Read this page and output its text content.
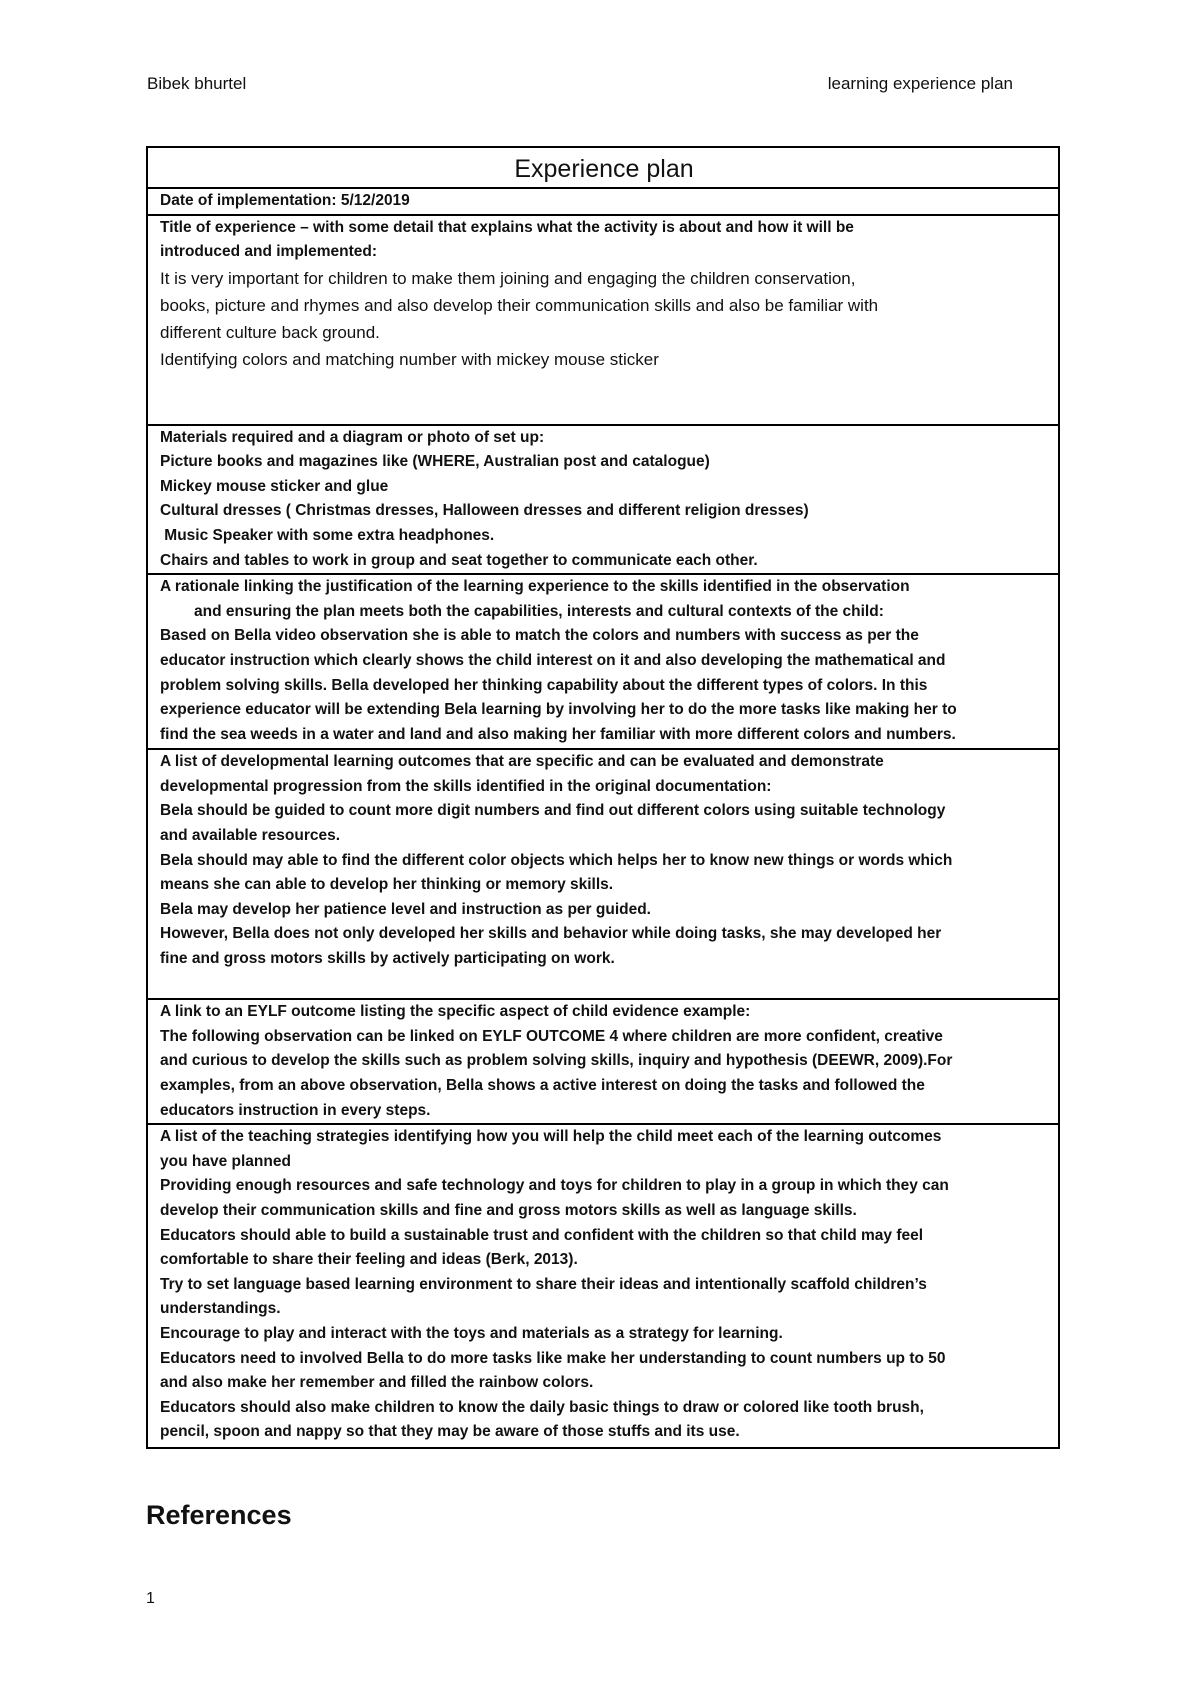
Bibek bhurtel	learning experience plan
Experience plan
Date of implementation: 5/12/2019

Title of experience – with some detail that explains what the activity is about and how it will be
introduced and implemented:
It is very important for children to make them joining and engaging the children conservation,
books, picture and rhymes and also develop their communication skills and also be familiar with
different culture back ground.
Identifying colors and matching number with mickey mouse sticker

Materials required and a diagram or photo of set up:
Picture books and magazines like (WHERE, Australian post and catalogue)
Mickey mouse sticker and glue
Cultural dresses ( Christmas dresses, Halloween dresses and different religion dresses)
Music Speaker with some extra headphones.
Chairs and tables to work in group and seat together to communicate each other.

A rationale linking the justification of the learning experience to the skills identified in the observation
and ensuring the plan meets both the capabilities, interests and cultural contexts of the child:
Based on Bella video observation she is able to match the colors and numbers with success as per the
educator instruction which clearly shows the child interest on it and also developing the mathematical and
problem solving skills. Bella developed her thinking capability about the different types of colors. In this
experience educator will be extending Bela learning by involving her to do the more tasks like making her to
find the sea weeds in a water and land and also making her familiar with more different colors and numbers.

A list of developmental learning outcomes that are specific and can be evaluated and demonstrate
developmental progression from the skills identified in the original documentation:
Bela should be guided to count more digit numbers and find out different colors using suitable technology
and available resources.
Bela should may able to find the different color objects which helps her to know new things or words which
means she can able to develop her thinking or memory skills.
Bela may develop her patience level and instruction as per guided.
However, Bella does not only developed her skills and behavior while doing tasks, she may developed her
fine and gross motors skills by actively participating on work.

A link to an EYLF outcome listing the specific aspect of child evidence example:
The following observation can be linked on EYLF OUTCOME 4 where children are more confident, creative
and curious to develop the skills such as problem solving skills, inquiry and hypothesis (DEEWR, 2009).For
examples, from an above observation, Bella shows a active interest on doing the tasks and followed the
educators instruction in every steps.

A list of the teaching strategies identifying how you will help the child meet each of the learning outcomes
you have planned
Providing enough resources and safe technology and toys for children to play in a group in which they can
develop their communication skills and fine and gross motors skills as well as language skills.
Educators should able to build a sustainable trust and confident with the children so that child may feel
comfortable to share their feeling and ideas (Berk, 2013).
Try to set language based learning environment to share their ideas and intentionally scaffold children’s
understandings.
Encourage to play and interact with the toys and materials as a strategy for learning.
Educators need to involved Bella to do more tasks like make her understanding to count numbers up to 50
and also make her remember and filled the rainbow colors.
Educators should also make children to know the daily basic things to draw or colored like tooth brush,
pencil, spoon and nappy so that they may be aware of those stuffs and its use.
References
1
